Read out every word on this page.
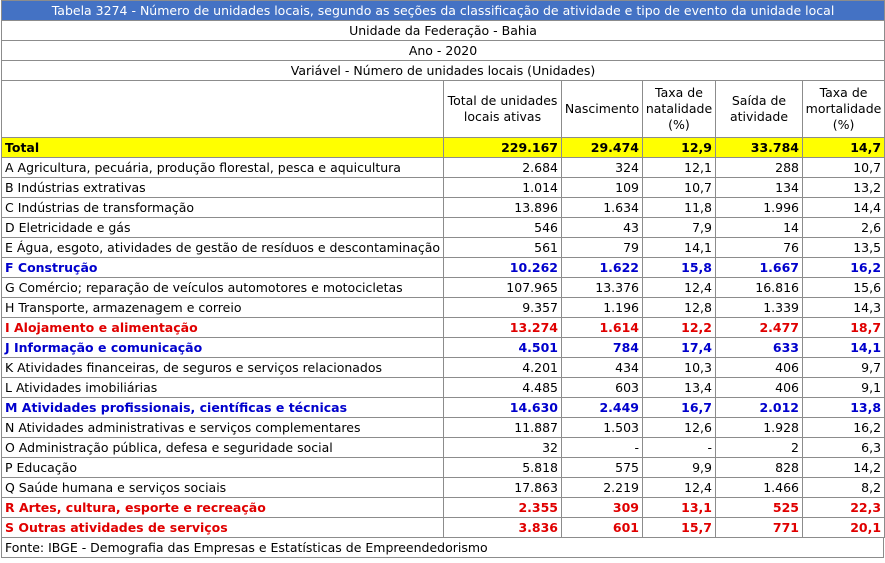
Tabela 3274 - Número de unidades locais, segundo as seções da classificação de atividade e tipo de evento da unidade local					
Unidade da Federação - Bahia					
Ano - 2020					
Variável - Número de unidades locais (Unidades)					
	Total de unidades locais ativas	Nascimento	Taxa de natalidade (%)	Saída de atividade	Taxa de mortalidade (%)
Total	229.167	29.474	12,9	33.784	14,7
A Agricultura, pecuária, produção florestal, pesca e aquicultura	2.684	324	12,1	288	10,7
B Indústrias extrativas	1.014	109	10,7	134	13,2
C Indústrias de transformação	13.896	1.634	11,8	1.996	14,4
D Eletricidade e gás	546	43	7,9	14	2,6
E Água, esgoto, atividades de gestão de resíduos e descontaminação	561	79	14,1	76	13,5
F Construção	10.262	1.622	15,8	1.667	16,2
G Comércio; reparação de veículos automotores e motocicletas	107.965	13.376	12,4	16.816	15,6
H Transporte, armazenagem e correio	9.357	1.196	12,8	1.339	14,3
I Alojamento e alimentação	13.274	1.614	12,2	2.477	18,7
J Informação e comunicação	4.501	784	17,4	633	14,1
K Atividades financeiras, de seguros e serviços relacionados	4.201	434	10,3	406	9,7
L Atividades imobiliárias	4.485	603	13,4	406	9,1
M Atividades profissionais, científicas e técnicas	14.630	2.449	16,7	2.012	13,8
N Atividades administrativas e serviços complementares	11.887	1.503	12,6	1.928	16,2
O Administração pública, defesa e seguridade social	32	-	-	2	6,3
P Educação	5.818	575	9,9	828	14,2
Q Saúde humana e serviços sociais	17.863	2.219	12,4	1.466	8,2
R Artes, cultura, esporte e recreação	2.355	309	13,1	525	22,3
S Outras atividades de serviços	3.836	601	15,7	771	20,1
Fonte: IBGE - Demografia das Empresas e Estatísticas de Empreendedorismo
